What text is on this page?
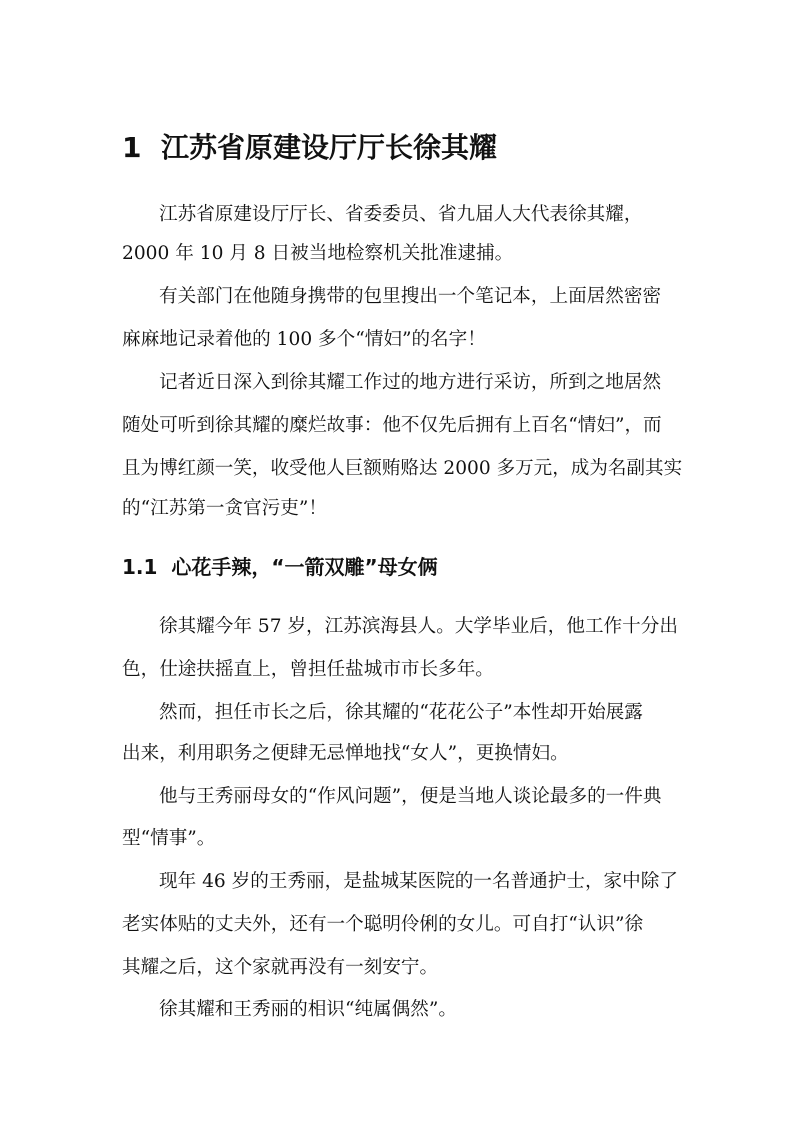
1 江苏省原建设厅厅长徐其耀
江苏省原建设厅厅长、省委委员、省九届人大代表徐其耀，
2000 年 10 月 8 日被当地检察机关批准逮捕。
有关部门在他随身携带的包里搜出一个笔记本，上面居然密密
麻麻地记录着他的 100 多个“情妇”的名字！
记者近日深入到徐其耀工作过的地方进行采访，所到之地居然
随处可听到徐其耀的糜烂故事：他不仅先后拥有上百名“情妇”，而
且为博红颜一笑，收受他人巨额贿赂达 2000 多万元，成为名副其实
的“江苏第一贪官污吏”！
1.1 心花手辣，“一箭双雕”母女俩
徐其耀今年 57 岁，江苏滨海县人。大学毕业后，他工作十分出
色，仕途扶摇直上，曾担任盐城市市长多年。
然而，担任市长之后，徐其耀的“花花公子”本性却开始展露
出来，利用职务之便肆无忌惮地找“女人”，更换情妇。
他与王秀丽母女的“作风问题”，便是当地人谈论最多的一件典
型“情事”。
现年 46 岁的王秀丽，是盐城某医院的一名普通护士，家中除了
老实体贴的丈夫外，还有一个聪明伶俐的女儿。可自打“认识”徐
其耀之后，这个家就再没有一刻安宁。
徐其耀和王秀丽的相识“纯属偶然”。
